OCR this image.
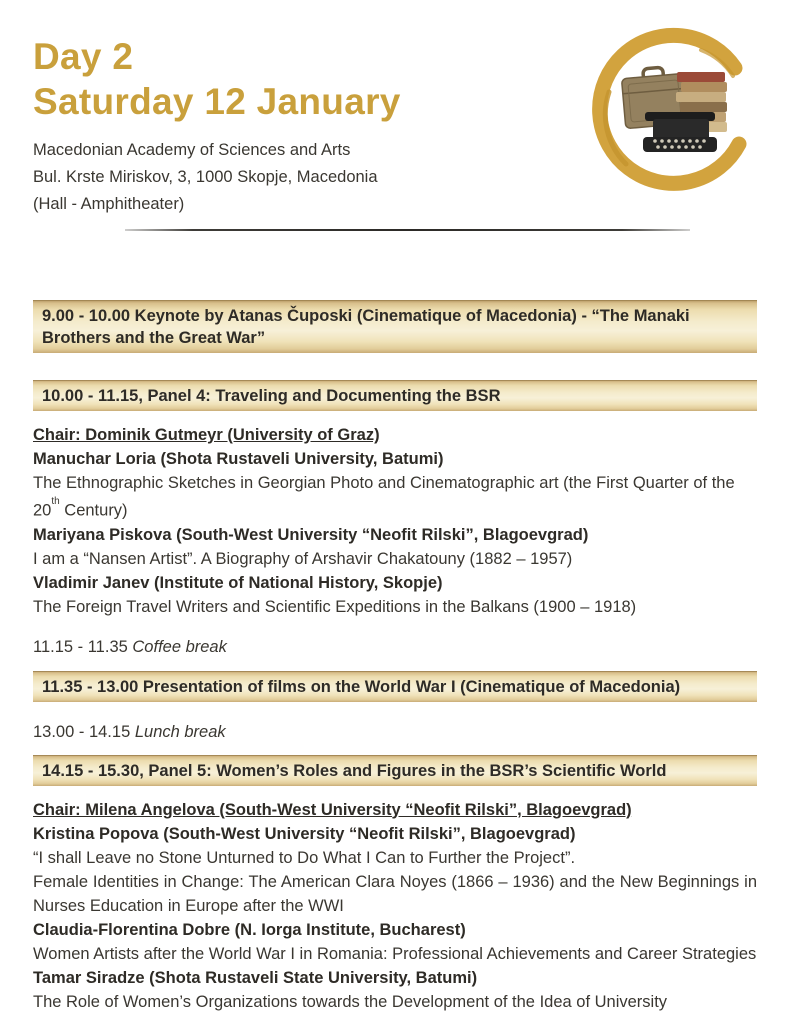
Day 2
Saturday 12 January

Macedonian Academy of Sciences and Arts
Bul. Krste Miriskov, 3, 1000 Skopje, Macedonia
(Hall - Amphitheater)

9.00 - 10.00 Keynote by Atanas Čuposki (Cinematique of Macedonia) - “The Manaki Brothers and the Great War”
10.00 - 11.15, Panel 4: Traveling and Documenting the BSR

Chair: Dominik Gutmeyr (University of Graz)

Manuchar Loria (Shota Rustaveli University, Batumi)

The Ethnographic Sketches in Georgian Photo and Cinematographic art (the First Quarter of the 20th Century)

Mariyana Piskova (South-West University “Neofit Rilski”, Blagoevgrad)

I am a “Nansen Artist”. A Biography of Arshavir Chakatouny (1882 – 1957)

Vladimir Janev (Institute of National History, Skopje)

The Foreign Travel Writers and Scientific Expeditions in the Balkans (1900 – 1918)

11.15 - 11.35 Coffee break

11.35 - 13.00 Presentation of films on the World War I (Cinematique of Macedonia)

13.00 - 14.15 Lunch break

14.15 - 15.30, Panel 5: Women’s Roles and Figures in the BSR’s Scientific World

Chair: Milena Angelova (South-West University “Neofit Rilski”, Blagoevgrad)

Kristina Popova (South-West University “Neofit Rilski”, Blagoevgrad)

“I shall Leave no Stone Unturned to Do What I Can to Further the Project”.

Female Identities in Change: The American Clara Noyes (1866 – 1936) and the New Beginnings in Nurses Education in Europe after the WWI

Claudia-Florentina Dobre (N. Iorga Institute, Bucharest)

Women Artists after the World War I in Romania: Professional Achievements and Career Strategies

Tamar Siradze (Shota Rustaveli State University, Batumi)

The Role of Women’s Organizations towards the Development of the Idea of University
